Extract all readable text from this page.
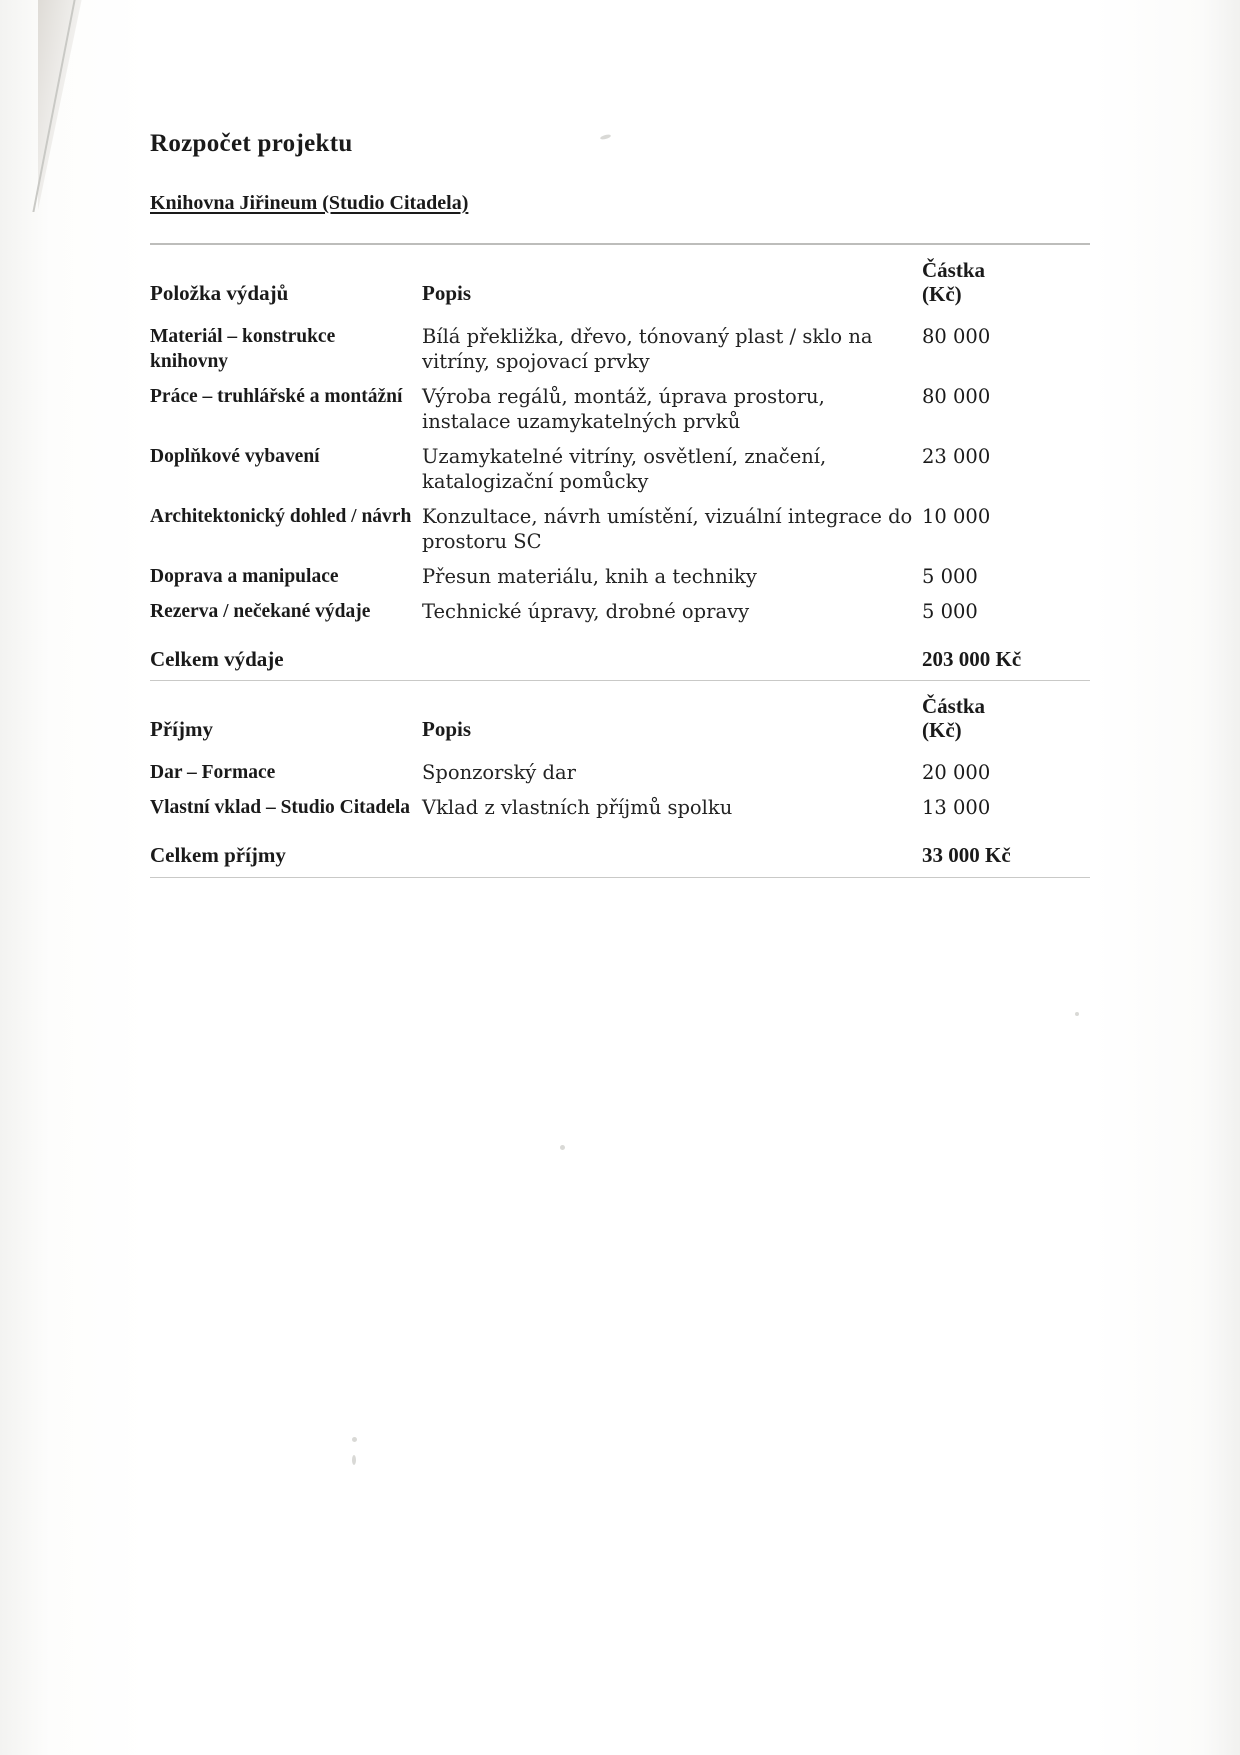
Rozpočet projektu
Knihovna Jiřineum (Studio Citadela)
Položka výdajů	Popis	Částka
(Kč)
Materiál – konstrukce knihovny	Bílá překližka, dřevo, tónovaný plast / sklo na vitríny, spojovací prvky	80 000
Práce – truhlářské a montážní	Výroba regálů, montáž, úprava prostoru, instalace uzamykatelných prvků	80 000
Doplňkové vybavení	Uzamykatelné vitríny, osvětlení, značení, katalogizační pomůcky	23 000
Architektonický dohled / návrh	Konzultace, návrh umístění, vizuální integrace do prostoru SC	10 000
Doprava a manipulace	Přesun materiálu, knih a techniky	5 000
Rezerva / nečekané výdaje	Technické úpravy, drobné opravy	5 000
Celkem výdaje		203 000 Kč
Příjmy	Popis	Částka
(Kč)
Dar – Formace	Sponzorský dar	20 000
Vlastní vklad – Studio Citadela	Vklad z vlastních příjmů spolku	13 000
Celkem příjmy		33 000 Kč
